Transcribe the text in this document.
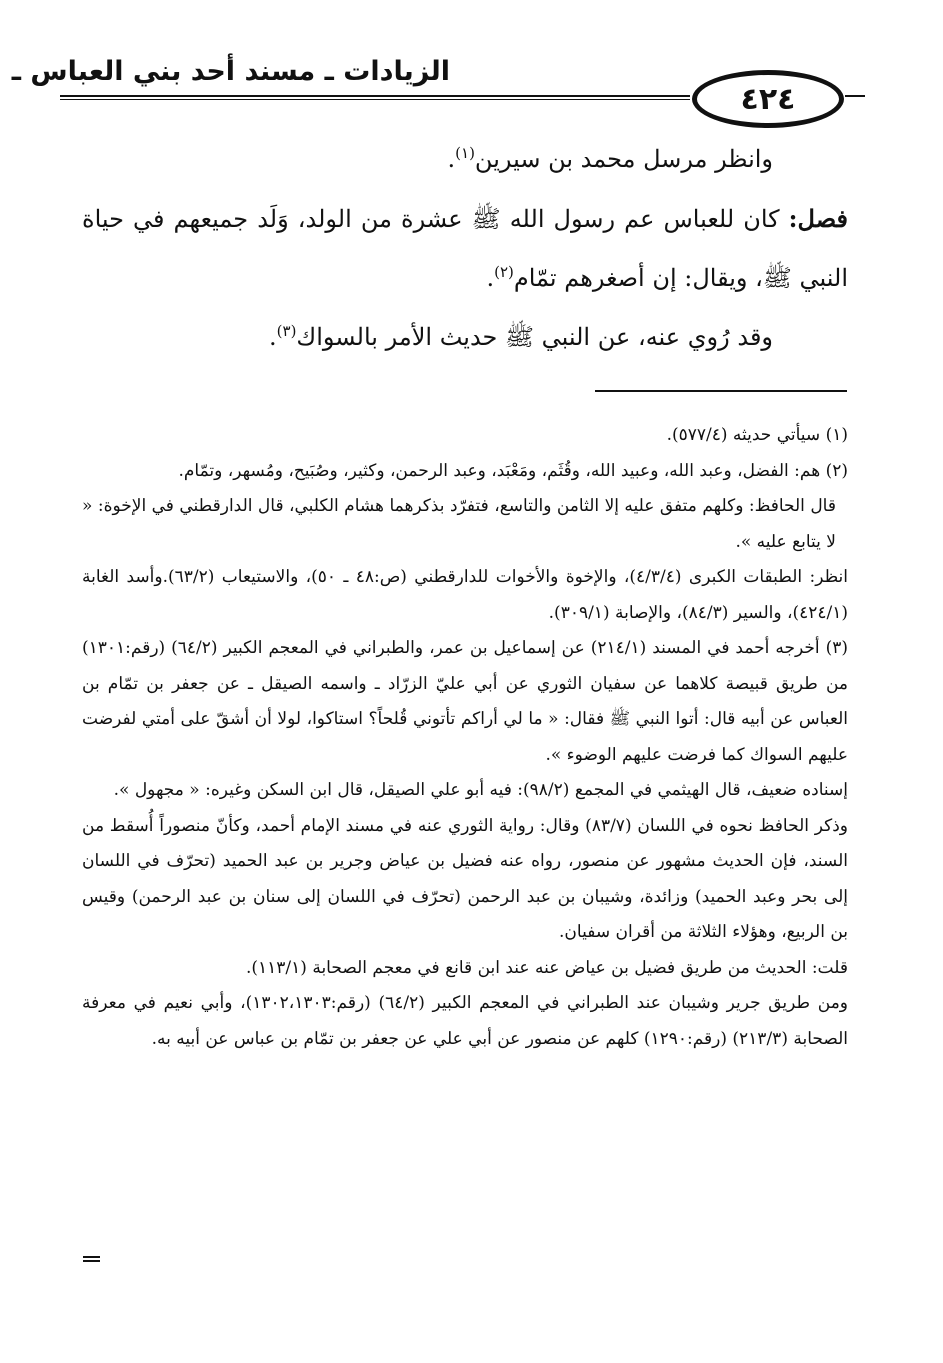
الزيادات ـ مسند أحد بني العباس ـ
٤٢٤

وانظر مرسل محمد بن سيرين$^{(١)}$.

فصل: كان للعباس عم رسول الله ﷺ عشرة من الولد، وَلَد جميعهم في حياة النبي ﷺ، ويقال: إن أصغرهم تمّام$^{(٢)}$.

وقد رُوي عنه، عن النبي ﷺ حديث الأمر بالسواك$^{(٣)}$.

(١) سيأتي حديثه (٥٧٧/٤).

(٢) هم: الفضل، وعبد الله، وعبيد الله، وقُثَم، ومَعْبَد، وعبد الرحمن، وكثير، وصُبَيح، ومُسهر، وتمّام.

قال الحافظ: وكلهم متفق عليه إلا الثامن والتاسع، فتفرّد بذكرهما هشام الكلبي، قال الدارقطني في الإخوة: « لا يتابع عليه ».

انظر: الطبقات الكبرى (٤/٣/٤)، والإخوة والأخوات للدارقطني (ص:٤٨ ـ ٥٠)، والاستيعاب (٦٣/٢).وأسد الغابة (٤٢٤/١)، والسير (٨٤/٣)، والإصابة (٣٠٩/١).

(٣) أخرجه أحمد في المسند (٢١٤/١) عن إسماعيل بن عمر، والطبراني في المعجم الكبير (٦٤/٢) (رقم:١٣٠١) من طريق قبيصة كلاهما عن سفيان الثوري عن أبي عليّ الزرّاد ـ واسمه الصيقل ـ عن جعفر بن تمّام بن العباس عن أبيه قال: أتوا النبي ﷺ فقال: « ما لي أراكم تأتوني قُلحاً؟ استاكوا، لولا أن أشقّ على أمتي لفرضت عليهم السواك كما فرضت عليهم الوضوء ».

إسناده ضعيف، قال الهيثمي في المجمع (٩٨/٢): فيه أبو علي الصيقل، قال ابن السكن وغيره: « مجهول ».

وذكر الحافظ نحوه في اللسان (٨٣/٧) وقال: رواية الثوري عنه في مسند الإمام أحمد، وكأنّ منصوراً أُسقط من السند، فإن الحديث مشهور عن منصور، رواه عنه فضيل بن عياض وجرير بن عبد الحميد (تحرّف في اللسان إلى بحر وعبد الحميد) وزائدة، وشيبان بن عبد الرحمن (تحرّف في اللسان إلى سنان بن عبد الرحمن) وقيس بن الربيع، وهؤلاء الثلاثة من أقران سفيان.

قلت: الحديث من طريق فضيل بن عياض عنه عند ابن قانع في معجم الصحابة (١١٣/١).

ومن طريق جرير وشيبان عند الطبراني في المعجم الكبير (٦٤/٢) (رقم:١٣٠٢،١٣٠٣)، وأبي نعيم في معرفة الصحابة (٢١٣/٣) (رقم:١٢٩٠) كلهم عن منصور عن أبي علي عن جعفر بن تمّام بن عباس عن أبيه به.
